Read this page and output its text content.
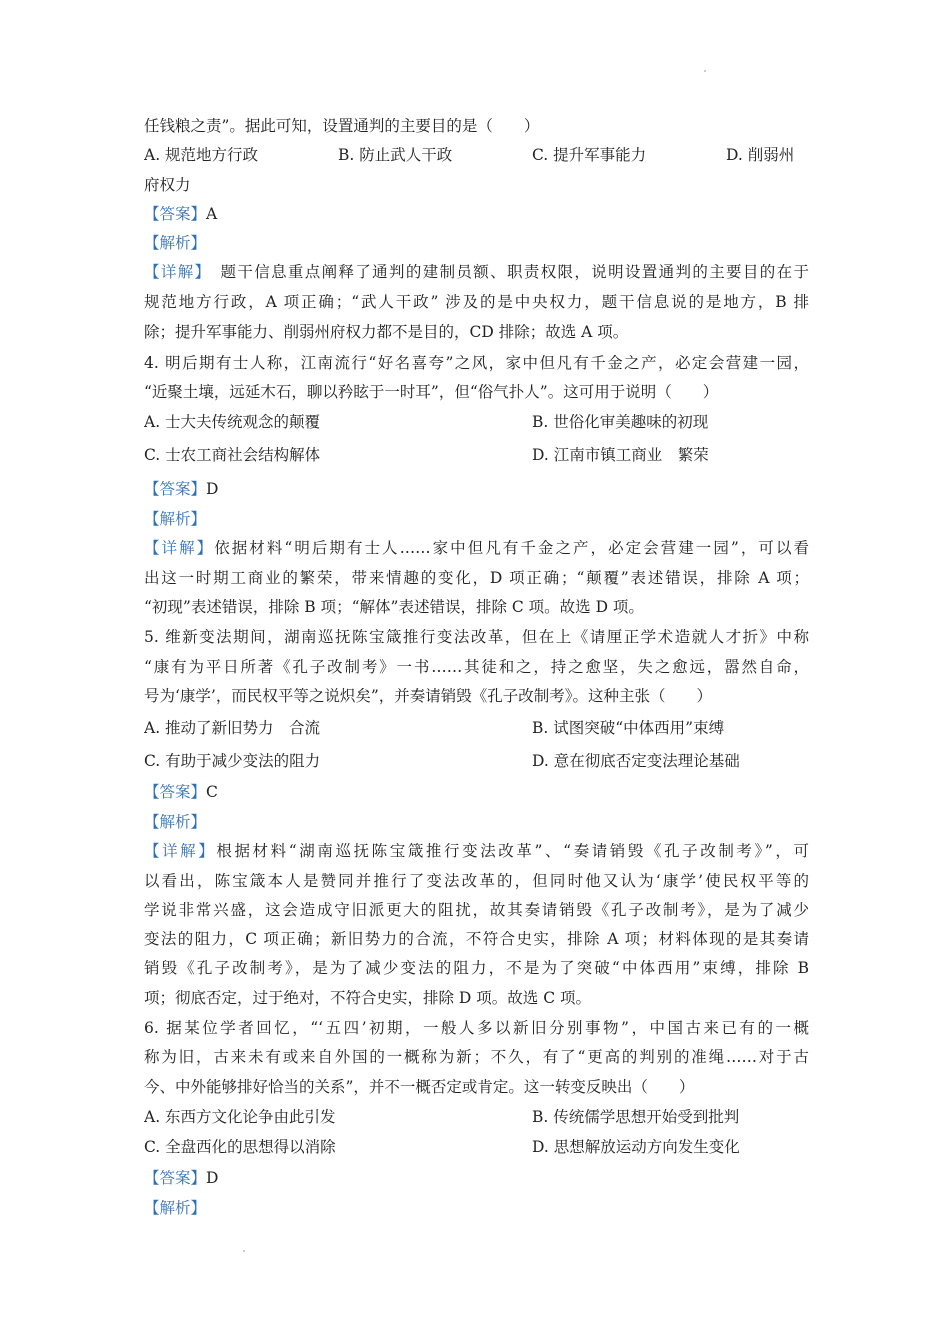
任钱粮之责”。据此可知，设置通判的主要目的是（　　）
A. 规范地方行政	B. 防止武人干政	C. 提升军事能力	D. 削弱州
府权力
【答案】A
【解析】
【详解】　 题干信息重点阐释了通判的建制员额、职责权限，说明设置通判的主要目的在于
规范地方行政，A 项正确；“武人干政” 涉及的是中央权力，题干信息说的是地方，B 排
除；提升军事能力、削弱州府权力都不是目的，CD 排除；故选 A 项。
4. 明后期有士人称，江南流行“好名喜夸”之风，家中但凡有千金之产，必定会营建一园，
“近聚土壤，远延木石，聊以矜眩于一时耳”，但“俗气扑人”。这可用于说明（　　）
A. 士大夫传统观念的颠覆	B. 世俗化审美趣味的初现
C. 士农工商社会结构解体	D. 江南市镇工商业　繁荣
【答案】D
【解析】
【详解】依据材料“明后期有士人……家中但凡有千金之产，必定会营建一园”，可以看
出这一时期工商业的繁荣，带来情趣的变化，D 项正确；“颠覆”表述错误，排除 A 项；
“初现”表述错误，排除 B 项；“解体”表述错误，排除 C 项。故选 D 项。
5. 维新变法期间，湖南巡抚陈宝箴推行变法改革，但在上《请厘正学术造就人才折》中称
“康有为平日所著《孔子改制考》一书……其徒和之，持之愈坚，失之愈远，嚣然自命，
号为‘康学’，而民权平等之说炽矣”，并奏请销毁《孔子改制考》。这种主张（　　）
A. 推动了新旧势力　合流	B. 试图突破“中体西用”束缚
C. 有助于减少变法的阻力	D. 意在彻底否定变法理论基础
【答案】C
【解析】
【详解】根据材料“湖南巡抚陈宝箴推行变法改革”、“奏请销毁《孔子改制考》”，可
以看出，陈宝箴本人是赞同并推行了变法改革的，但同时他又认为‘康学’使民权平等的
学说非常兴盛，这会造成守旧派更大的阻扰，故其奏请销毁《孔子改制考》，是为了减少
变法的阻力，C 项正确；新旧势力的合流，不符合史实，排除 A 项；材料体现的是其奏请
销毁《孔子改制考》，是为了减少变法的阻力，不是为了突破“中体西用”束缚，排除 B
项；彻底否定，过于绝对，不符合史实，排除 D 项。故选 C 项。
6. 据某位学者回忆，“‘五四’初期，一般人多以新旧分别事物”，中国古来已有的一概
称为旧，古来未有或来自外国的一概称为新；不久，有了“更高的判别的准绳……对于古
今、中外能够排好恰当的关系”，并不一概否定或肯定。这一转变反映出（　　）
A. 东西方文化论争由此引发	B. 传统儒学思想开始受到批判
C. 全盘西化的思想得以消除	D. 思想解放运动方向发生变化
【答案】D
【解析】
